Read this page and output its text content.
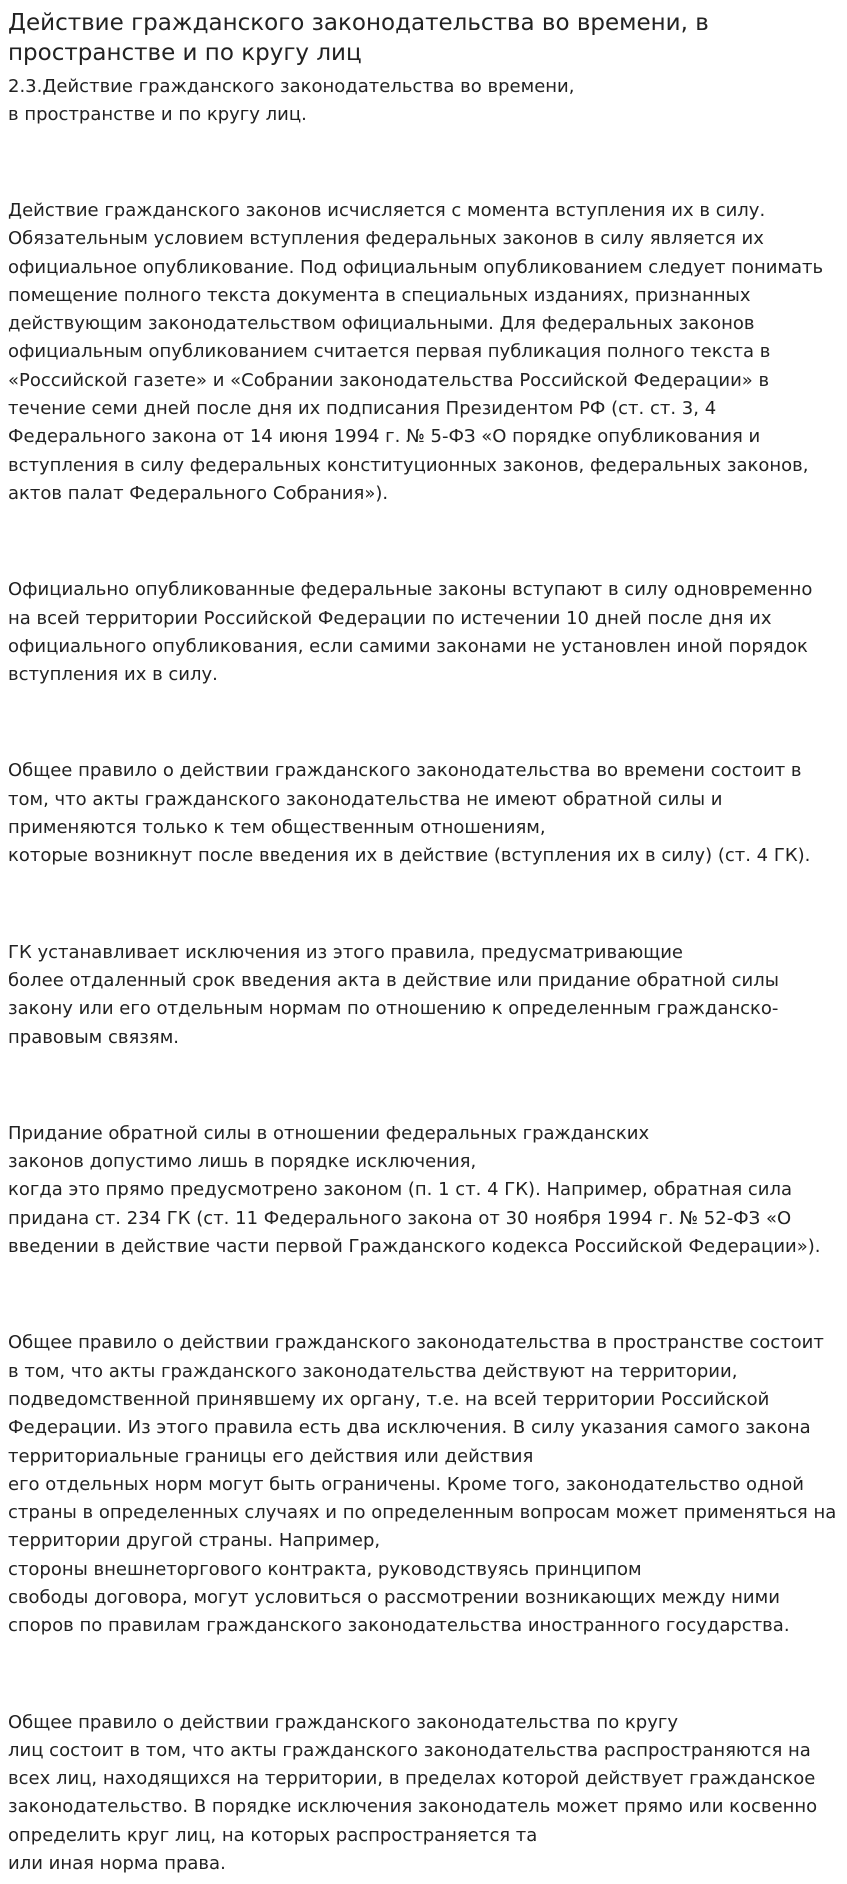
Действие гражданского законодательства во времени, в пространстве и по кругу лиц

2.3.Действие гражданского законодательства во времени,
в пространстве и по кругу лиц.

Действие гражданского законов исчисляется с момента вступления их в силу. Обязательным условием вступления федеральных законов в силу является их официальное опубликование. Под официальным опубликованием следует понимать помещение полного текста документа в специальных изданиях, признанных действующим законодательством официальными. Для федеральных законов официальным опубликованием считается первая публикация полного текста в «Российской газете» и «Собрании законодательства Российской Федерации» в течение семи дней после дня их подписания Президентом РФ (ст. ст. 3, 4 Федерального закона от 14 июня 1994 г. № 5-ФЗ «О порядке опубликования и вступления в силу федеральных конституционных законов, федеральных законов, актов палат Федерального Собрания»).

Официально опубликованные федеральные законы вступают в силу одновременно на всей территории Российской Федерации по истечении 10 дней после дня их официального опубликования, если самими законами не установлен иной порядок вступления их в силу.

Общее правило о действии гражданского законодательства во времени состоит в том, что акты гражданского законодательства не имеют обратной силы и применяются только к тем общественным отношениям,
которые возникнут после введения их в действие (вступления их в силу) (ст. 4 ГК).

ГК устанавливает исключения из этого правила, предусматривающие
более отдаленный срок введения акта в действие или придание обратной силы закону или его отдельным нормам по отношению к определенным гражданско-правовым связям.

Придание обратной силы в отношении федеральных гражданских
законов допустимо лишь в порядке исключения,
когда это прямо предусмотрено законом (п. 1 ст. 4 ГК). Например, обратная сила придана ст. 234 ГК (ст. 11 Федерального закона от 30 ноября 1994 г. № 52-ФЗ «О введении в действие части первой Гражданского кодекса Российской Федерации»).

Общее правило о действии гражданского законодательства в пространстве состоит в том, что акты гражданского законодательства действуют на территории, подведомственной принявшему их органу, т.е. на всей территории Российской Федерации. Из этого правила есть два исключения. В силу указания самого закона территориальные границы его действия или действия
его отдельных норм могут быть ограничены. Кроме того, законодательство одной страны в определенных случаях и по определенным вопросам может применяться на территории другой страны. Например,
стороны внешнеторгового контракта, руководствуясь принципом
свободы договора, могут условиться о рассмотрении возникающих между ними споров по правилам гражданского законодательства иностранного государства.

Общее правило о действии гражданского законодательства по кругу
лиц состоит в том, что акты гражданского законодательства распространяются на всех лиц, находящихся на территории, в пределах которой действует гражданское законодательство. В порядке исключения законодатель может прямо или косвенно определить круг лиц, на которых распространяется та
или иная норма права.
